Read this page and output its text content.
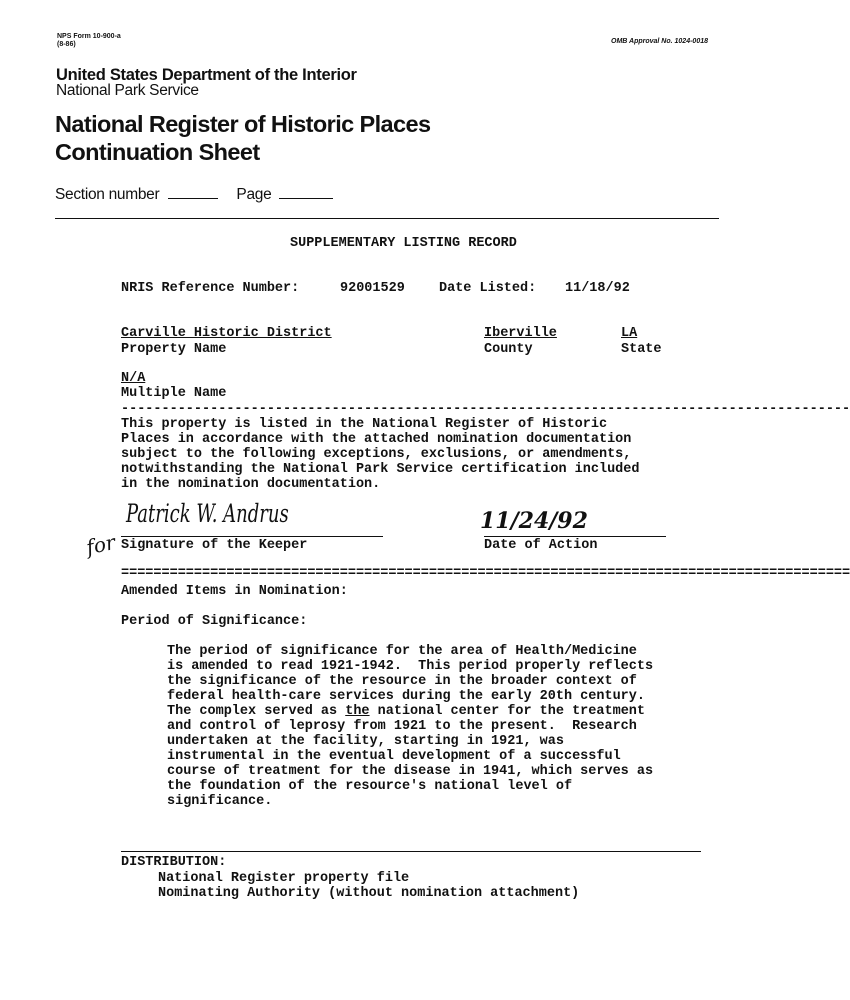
NPS Form 10-900-a
(8-86)	OMB Approval No. 1024-0018
United States Department of the Interior
National Park Service
National Register of Historic Places
Continuation Sheet
Section number	Page
SUPPLEMENTARY LISTING RECORD
NRIS Reference Number:	92001529	Date Listed: 11/18/92
Carville Historic District	Iberville	LA
Property Name	County	State
N/A
Multiple Name
------------------------------------------------------------------------------------------
This property is listed in the National Register of Historic
Places in accordance with the attached nomination documentation
subject to the following exceptions, exclusions, or amendments,
notwithstanding the National Park Service certification included
in the nomination documentation.
Patrick W. Andrus
Signature of the Keeper
11/24/92
Date of Action
for
==========================================================================================
Amended Items in Nomination:
Period of Significance:
The period of significance for the area of Health/Medicine
is amended to read 1921-1942.  This period properly reflects
the significance of the resource in the broader context of
federal health-care services during the early 20th century.
The complex served as the national center for the treatment
and control of leprosy from 1921 to the present.  Research
undertaken at the facility, starting in 1921, was
instrumental in the eventual development of a successful
course of treatment for the disease in 1941, which serves as
the foundation of the resource's national level of
significance.
DISTRIBUTION:
National Register property file
Nominating Authority (without nomination attachment)
